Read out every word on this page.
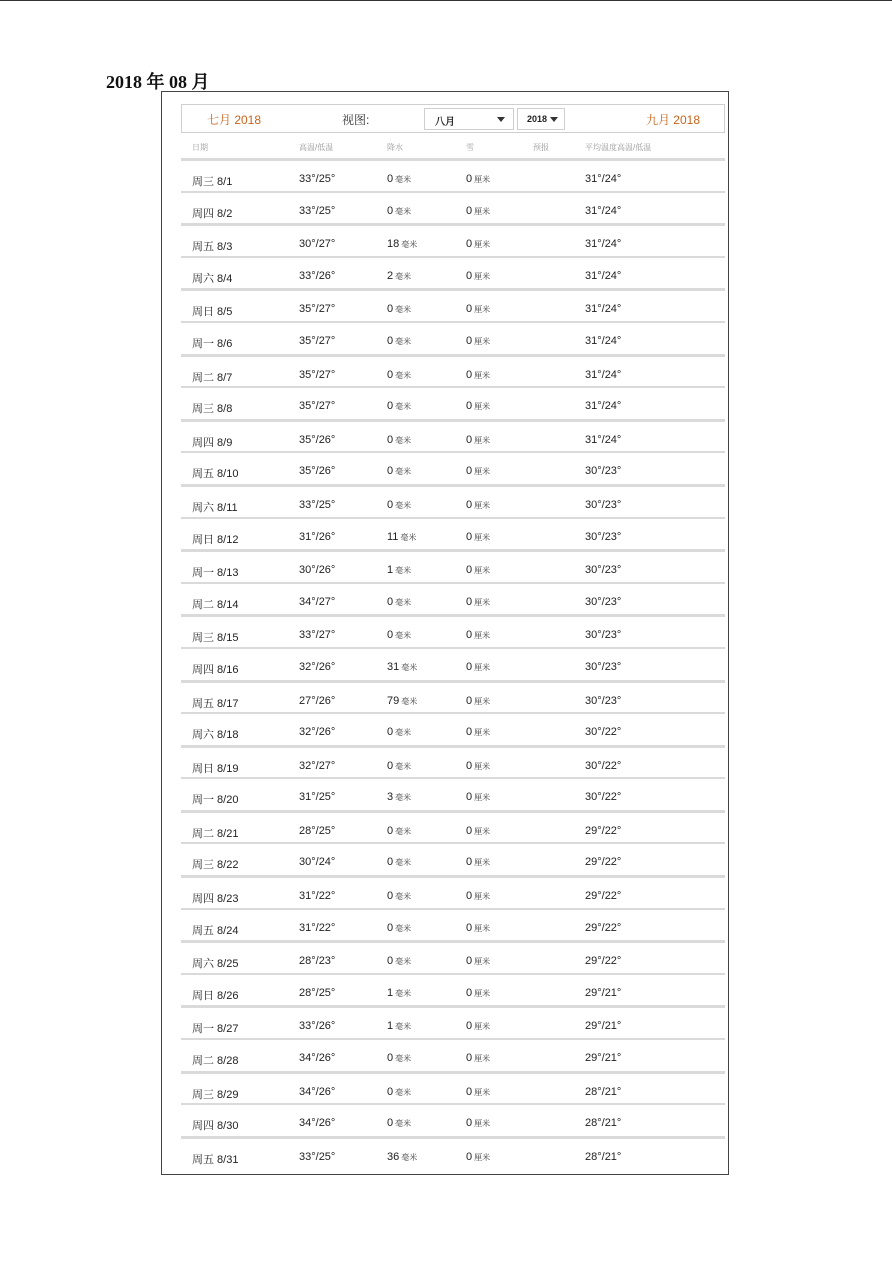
2018 年 08 月
七月 2018	视图:	八月	2018	九月 2018
日期	高温/低温	降水	雪	预报	平均温度高温/低温
周三 8/1	33°/25°	0 毫米	0 厘米	31°/24°
周四 8/2	33°/25°	0 毫米	0 厘米	31°/24°
周五 8/3	30°/27°	18 毫米	0 厘米	31°/24°
周六 8/4	33°/26°	2 毫米	0 厘米	31°/24°
周日 8/5	35°/27°	0 毫米	0 厘米	31°/24°
周一 8/6	35°/27°	0 毫米	0 厘米	31°/24°
周二 8/7	35°/27°	0 毫米	0 厘米	31°/24°
周三 8/8	35°/27°	0 毫米	0 厘米	31°/24°
周四 8/9	35°/26°	0 毫米	0 厘米	31°/24°
周五 8/10	35°/26°	0 毫米	0 厘米	30°/23°
周六 8/11	33°/25°	0 毫米	0 厘米	30°/23°
周日 8/12	31°/26°	11 毫米	0 厘米	30°/23°
周一 8/13	30°/26°	1 毫米	0 厘米	30°/23°
周二 8/14	34°/27°	0 毫米	0 厘米	30°/23°
周三 8/15	33°/27°	0 毫米	0 厘米	30°/23°
周四 8/16	32°/26°	31 毫米	0 厘米	30°/23°
周五 8/17	27°/26°	79 毫米	0 厘米	30°/23°
周六 8/18	32°/26°	0 毫米	0 厘米	30°/22°
周日 8/19	32°/27°	0 毫米	0 厘米	30°/22°
周一 8/20	31°/25°	3 毫米	0 厘米	30°/22°
周二 8/21	28°/25°	0 毫米	0 厘米	29°/22°
周三 8/22	30°/24°	0 毫米	0 厘米	29°/22°
周四 8/23	31°/22°	0 毫米	0 厘米	29°/22°
周五 8/24	31°/22°	0 毫米	0 厘米	29°/22°
周六 8/25	28°/23°	0 毫米	0 厘米	29°/22°
周日 8/26	28°/25°	1 毫米	0 厘米	29°/21°
周一 8/27	33°/26°	1 毫米	0 厘米	29°/21°
周二 8/28	34°/26°	0 毫米	0 厘米	29°/21°
周三 8/29	34°/26°	0 毫米	0 厘米	28°/21°
周四 8/30	34°/26°	0 毫米	0 厘米	28°/21°
周五 8/31	33°/25°	36 毫米	0 厘米	28°/21°
